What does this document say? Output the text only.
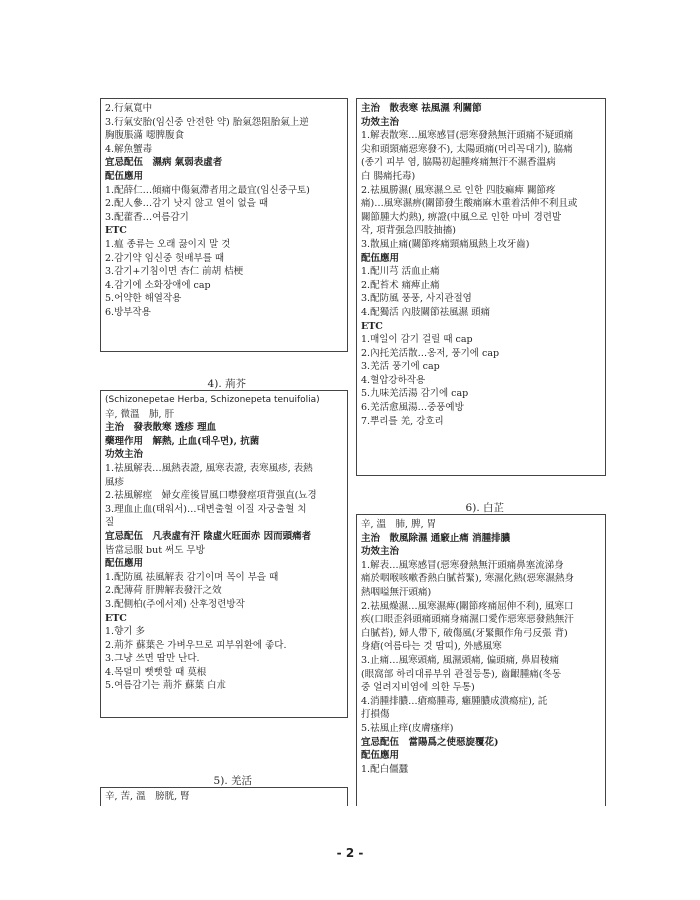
2.行氣寬中
3.行氣安胎(임신중 안전한 약) 胎氣怨阻胎氣上逆
胸腹脹滿 噁脾腹食
4.解魚蟹毒
宜忌配伍　濕病 氣弱表虛者
配伍應用
1.配薛仁…傾痛中傷氣滯者用之最宜(임신중구토)
2.配人參…감기 낫지 않고 열이 없을 때
3.配藿香…여름감기
ETC
1.瘟 종류는 오래 끓이지 말 것
2.감기약 임신중 헛배부를 때
3.감기+기침이면 杏仁 前胡 桔梗
4.감기에 소화장애에 cap
5.어약한 해열작용
6.방부작용
4). 荊芥
(Schizonepetae Herba, Schizonepeta tenuifolia)
辛, 微溫　肺, 肝
主治　發表散寒 透疹 理血
藥理作用　解熱, 止血(태우면), 抗菌
功效主治
1.祛風解表…風熱表證, 風寒表證, 表寒風疹, 表熱
風疹
2.祛風解痙　婦女産後冒風口噤發痙項背强直(뇨경
3.理血止血(태워서)…대변출혈 이질 자궁출혈 치
질
宜忌配伍　凡表虛有汗 陰虛火旺面赤 因而頭痛者
皆當忌服 but 써도 무방
配伍應用
1.配防風 祛風解表 감기이며 목이 부을 때
2.配薄荷 肝脾解表發汗之效
3.配側柏(주에서제) 산후정련방작
ETC
1.향기 多
2.荊芥 蘇葉은 가벼우므로 피부위환에 좋다.
3.그냥 쓰면 땀만 난다.
4.목덜미 뻣뻣할 때 莫根
5.여름감기는 荊芥 蘇葉 白朮
5). 羌活
辛, 苦, 溫　膀胱, 腎
主治　散表寒 祛風濕 利關節
功效主治
1.解表散寒…風寒感冒(惡寒發熱無汗頭痛不疑頭痛
尖和頭頸痛惡寒發不), 太陽頭痛(머리꼭대기), 脇痛
(종기 피부 염, 脇陽初起腫疼痛無汗不濕香溫病
白 腸痛托毒)
2.祛風勝濕( 風寒濕으로 인한 四肢痲痺 關節疼
痛)…風寒濕痹(關節發生酸痛麻木重着活伸不利且或
關節腫大灼熱), 痹證(中風으로 인한 마비 경련발
작, 項背强急四肢抽搐)
3.散風止痛(關節疼痛頸痛風熱上攻牙齒)
配伍應用
1.配川芎 活血止痛
2.配苔术 痛痺止痛
3.配防風 풍풍, 사지관절염
4.配獨活 內肢關節祛風濕 頭痛
ETC
1.매일이 감기 걸릴 때 cap
2.內托羌活散…옹저, 풍기에 cap
3.羌活 풍기에 cap
4.혈압강하작용
5.九味羌活湯 감기에 cap
6.羌活愈風湯…중풍예방
7.뿌리를 羌, 강호리
6). 白芷
辛, 溫　肺, 脾, 胃
主治　散風除濕 通竅止痛 消腫排膿
功效主治
1.解表…風寒感冒(惡寒發熱無汗頭痛鼻塞流涕身
痛於咽喉咳嗽香熱白膩苔緊), 寒濕化熱(惡寒濕熱身
熱咽嗌無汗頭痛)
2.祛風燥濕…風寒濕痺(關節疼痛屈伸不利), 風寒口
疾(口眼歪斜頭痛頭痛身痛濕口愛作惡寒惡發熱無汗
白膩苔), 婦人帶下, 破傷風(牙緊顫作角弓反張 背)
身瘡(여름타는 것 땀띠), 外感風寒
3.止痛…風寒頭痛, 風濕頭痛, 偏頭痛, 鼻眉稜痛
(眼窩部 하리대류부위 관절등통), 齒齦腫痛(冬동
중 얼려지비염에 의한 두통)
4.消腫排膿…瘡瘍腫毒, 癰腫膿成潰瘍症), 託
打損傷
5.祛風止痒(皮膚瘙痒)
宜忌配伍　當陽爲之使惡旋覆花)
配伍應用
1.配白僵蠶
- 2 -
